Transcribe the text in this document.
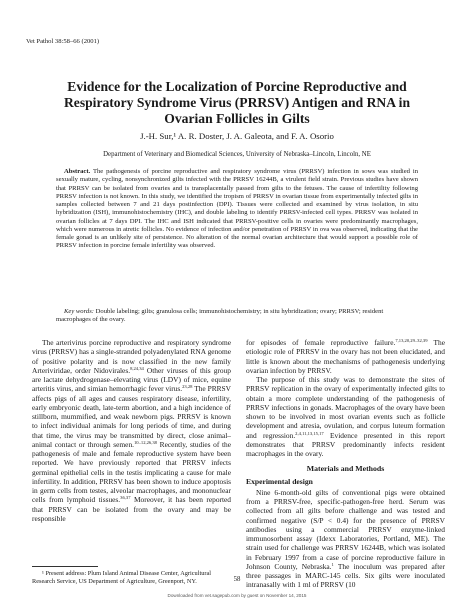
Vet Pathol 38:58–66 (2001)
Evidence for the Localization of Porcine Reproductive and Respiratory Syndrome Virus (PRRSV) Antigen and RNA in Ovarian Follicles in Gilts
J.-H. Sur,¹ A. R. Doster, J. A. Galeota, and F. A. Osorio
Department of Veterinary and Biomedical Sciences, University of Nebraska–Lincoln, Lincoln, NE

Abstract. The pathogenesis of porcine reproductive and respiratory syndrome virus (PRRSV) infection in sows was studied in sexually mature, cycling, nonsynchronized gilts infected with the PRRSV 16244B, a virulent field strain. Previous studies have shown that PRRSV can be isolated from ovaries and is transplacentally passed from gilts to the fetuses. The cause of infertility following PRRSV infection is not known. In this study, we identified the tropism of PRRSV in ovarian tissue from experimentally infected gilts in samples collected between 7 and 21 days postinfection (DPI). Tissues were collected and examined by virus isolation, in situ hybridization (ISH), immunohistochemistry (IHC), and double labeling to identify PRRSV-infected cell types. PRRSV was isolated in ovarian follicles at 7 days DPI. The IHC and ISH indicated that PRRSV-positive cells in ovaries were predominantly macrophages, which were numerous in atretic follicles. No evidence of infection and/or penetration of PRRSV in ova was observed, indicating that the female gonad is an unlikely site of persistence. No alteration of the normal ovarian architecture that would support a possible role of PRRSV infection in porcine female infertility was observed.

Key words: Double labeling; gilts; granulosa cells; immunohistochemistry; in situ hybridization; ovary; PRRSV; resident macrophages of the ovary.

The arterivirus porcine reproductive and respiratory syndrome virus (PRRSV) has a single-stranded polyadenylated RNA genome of positive polarity and is now classified in the new family Arteriviridae, order Nidovirales.$^{8,24,34}$ Other viruses of this group are lactate dehydrogenase–elevating virus (LDV) of mice, equine arteritis virus, and simian hemorrhagic fever virus.$^{23,28}$ The PRRSV affects pigs of all ages and causes respiratory disease, infertility, early embryonic death, late-term abortion, and a high incidence of stillborn, mummified, and weak newborn pigs. PRRSV is known to infect individual animals for long periods of time, and during that time, the virus may be transmitted by direct, close animal–animal contact or through semen.$^{10-12,26,38}$ Recently, studies of the pathogenesis of male and female reproductive system have been reported. We have previously reported that PRRSV infects germinal epithelial cells in the testis implicating a cause for male infertility. In addition, PRRSV has been shown to induce apoptosis in germ cells from testes, alveolar macrophages, and mononuclear cells from lymphoid tissues.$^{36,37}$ Moreover, it has been reported that PRRSV can be isolated from the ovary and may be responsible

for episodes of female reproductive failure.$^{7,13,20,29-32,39}$ The etiologic role of PRRSV in the ovary has not been elucidated, and little is known about the mechanisms of pathogenesis underlying ovarian infection by PRRSV.

The purpose of this study was to demonstrate the sites of PRRSV replication in the ovary of experimentally infected gilts to obtain a more complete understanding of the pathogenesis of PRRSV infections in gonads. Macrophages of the ovary have been shown to be involved in most ovarian events such as follicle development and atresia, ovulation, and corpus luteum formation and regression.$^{2,4,11,13,15,17}$ Evidence presented in this report demonstrates that PRRSV predominantly infects resident macrophages in the ovary.

Materials and Methods

Experimental design

Nine 6-month-old gilts of conventional pigs were obtained from a PRRSV-free, specific-pathogen-free herd. Serum was collected from all gilts before challenge and was tested and confirmed negative (S/P < 0.4) for the presence of PRRSV antibodies using a commercial PRRSV enzyme-linked immunosorbent assay (Idexx Laboratories, Portland, ME). The strain used for challenge was PRRSV 16244B, which was isolated in February 1997 from a case of porcine reproductive failure in Johnson County, Nebraska.$^1$ The inoculum was prepared after three passages in MARC-145 cells. Six gilts were inoculated intranasally with 1 ml of PRRSV (10

¹ Present address: Plum Island Animal Disease Center, Agricultural Research Service, US Department of Agriculture, Greenport, NY.	58
Downloaded from vet.sagepub.com by guest on November 14, 2015
